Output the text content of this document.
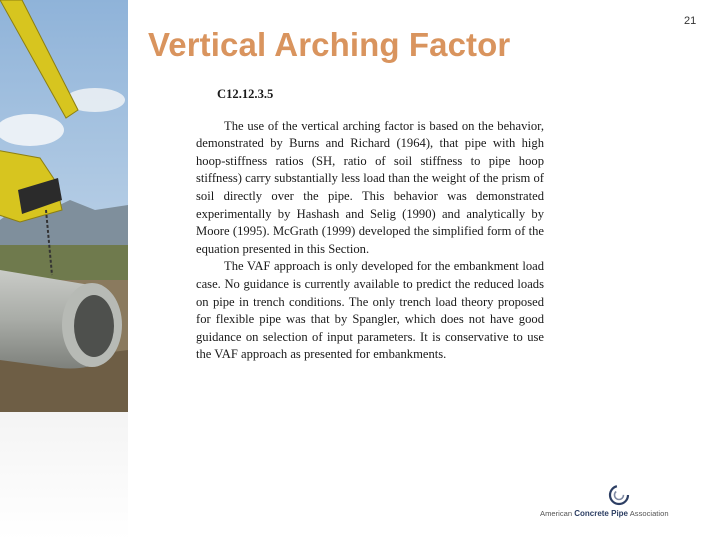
Vertical Arching Factor
21
C12.12.3.5

The use of the vertical arching factor is based on the behavior, demonstrated by Burns and Richard (1964), that pipe with high hoop-stiffness ratios (SH, ratio of soil stiffness to pipe hoop stiffness) carry substantially less load than the weight of the prism of soil directly over the pipe. This behavior was demonstrated experimentally by Hashash and Selig (1990) and analytically by Moore (1995). McGrath (1999) developed the simplified form of the equation presented in this Section.

The VAF approach is only developed for the embankment load case. No guidance is currently available to predict the reduced loads on pipe in trench conditions. The only trench load theory proposed for flexible pipe was that by Spangler, which does not have good guidance on selection of input parameters. It is conservative to use the VAF approach as presented for embankments.

American Concrete Pipe Association
